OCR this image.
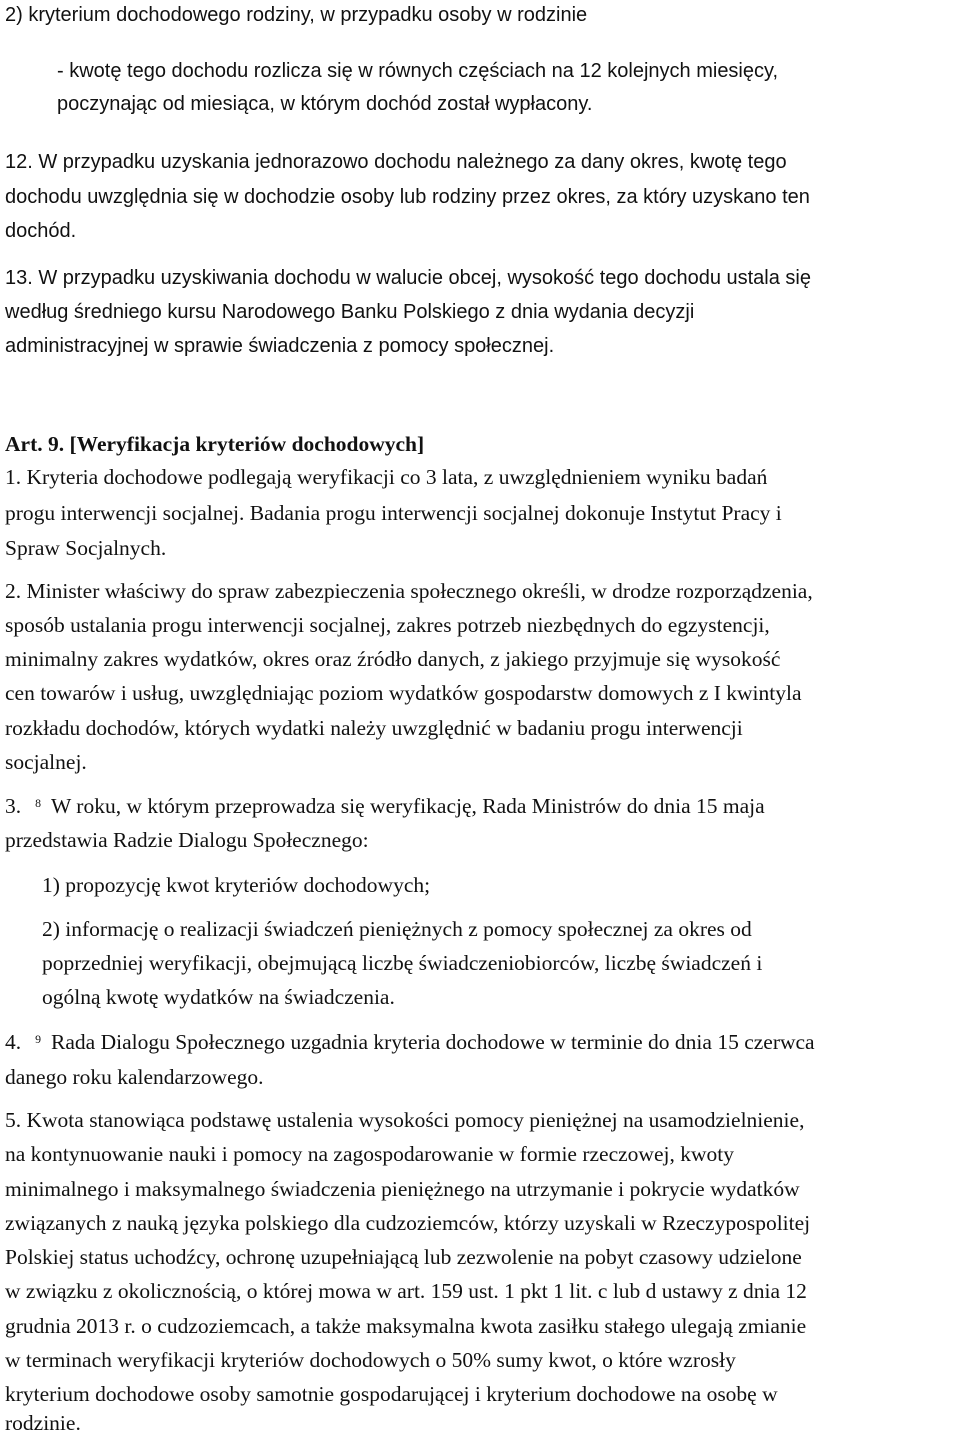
2) kryterium dochodowego rodziny, w przypadku osoby w rodzinie
- kwotę tego dochodu rozlicza się w równych częściach na 12 kolejnych miesięcy,
poczynając od miesiąca, w którym dochód został wypłacony.
12. W przypadku uzyskania jednorazowo dochodu należnego za dany okres, kwotę tego
dochodu uwzględnia się w dochodzie osoby lub rodziny przez okres, za który uzyskano ten
dochód.
13. W przypadku uzyskiwania dochodu w walucie obcej, wysokość tego dochodu ustala się
według średniego kursu Narodowego Banku Polskiego z dnia wydania decyzji
administracyjnej w sprawie świadczenia z pomocy społecznej.
Art. 9. [Weryfikacja kryteriów dochodowych]
1. Kryteria dochodowe podlegają weryfikacji co 3 lata, z uwzględnieniem wyniku badań
progu interwencji socjalnej. Badania progu interwencji socjalnej dokonuje Instytut Pracy i
Spraw Socjalnych.
2. Minister właściwy do spraw zabezpieczenia społecznego określi, w drodze rozporządzenia,
sposób ustalania progu interwencji socjalnej, zakres potrzeb niezbędnych do egzystencji,
minimalny zakres wydatków, okres oraz źródło danych, z jakiego przyjmuje się wysokość
cen towarów i usług, uwzględniając poziom wydatków gospodarstw domowych z I kwintyla
rozkładu dochodów, których wydatki należy uwzględnić w badaniu progu interwencji
socjalnej.
3. $^8$ W roku, w którym przeprowadza się weryfikację, Rada Ministrów do dnia 15 maja
przedstawia Radzie Dialogu Społecznego:
1) propozycję kwot kryteriów dochodowych;
2) informację o realizacji świadczeń pieniężnych z pomocy społecznej za okres od
poprzedniej weryfikacji, obejmującą liczbę świadczeniobiorców, liczbę świadczeń i
ogólną kwotę wydatków na świadczenia.
4. $^9$ Rada Dialogu Społecznego uzgadnia kryteria dochodowe w terminie do dnia 15 czerwca
danego roku kalendarzowego.
5. Kwota stanowiąca podstawę ustalenia wysokości pomocy pieniężnej na usamodzielnienie,
na kontynuowanie nauki i pomocy na zagospodarowanie w formie rzeczowej, kwoty
minimalnego i maksymalnego świadczenia pieniężnego na utrzymanie i pokrycie wydatków
związanych z nauką języka polskiego dla cudzoziemców, którzy uzyskali w Rzeczypospolitej
Polskiej status uchodźcy, ochronę uzupełniającą lub zezwolenie na pobyt czasowy udzielone
w związku z okolicznością, o której mowa w art. 159 ust. 1 pkt 1 lit. c lub d ustawy z dnia 12
grudnia 2013 r. o cudzoziemcach, a także maksymalna kwota zasiłku stałego ulegają zmianie
w terminach weryfikacji kryteriów dochodowych o 50% sumy kwot, o które wzrosły
kryterium dochodowe osoby samotnie gospodarującej i kryterium dochodowe na osobę w
rodzinie.
